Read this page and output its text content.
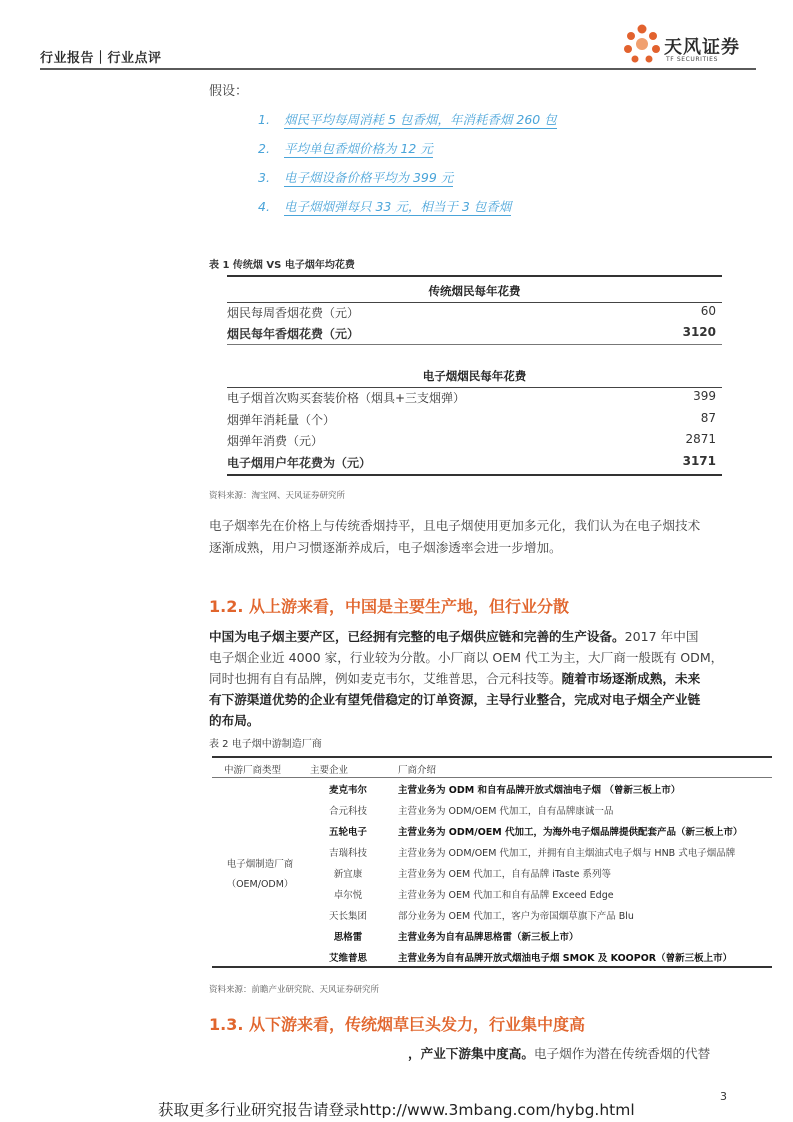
行业报告｜行业点评
天风证券
TF SECURITIES
假设：
1. 烟民平均每周消耗 5 包香烟，年消耗香烟 260 包
2. 平均单包香烟价格为 12 元
3. 电子烟设备价格平均为 399 元
4. 电子烟烟弹每只 33 元，相当于 3 包香烟
表 1 传统烟 VS 电子烟年均花费
传统烟民每年花费
烟民每周香烟花费（元）	60
烟民每年香烟花费（元）	3120
电子烟烟民每年花费
电子烟首次购买套装价格（烟具+三支烟弹）	399
烟弹年消耗量（个）	87
烟弹年消费（元）	2871
电子烟用户年花费为（元）	3171
资料来源：淘宝网、天风证券研究所
电子烟率先在价格上与传统香烟持平，且电子烟使用更加多元化，我们认为在电子烟技术
逐渐成熟，用户习惯逐渐养成后，电子烟渗透率会进一步增加。
1.2. 从上游来看，中国是主要生产地，但行业分散
中国为电子烟主要产区，已经拥有完整的电子烟供应链和完善的生产设备。2017 年中国
电子烟企业近 4000 家，行业较为分散。小厂商以 OEM 代工为主，大厂商一般既有 ODM，
同时也拥有自有品牌，例如麦克韦尔，艾维普思，合元科技等。随着市场逐渐成熟，未来
有下游渠道优势的企业有望凭借稳定的订单资源，主导行业整合，完成对电子烟全产业链
的布局。
表 2 电子烟中游制造厂商
中游厂商类型	主要企业	厂商介绍
电子烟制造厂商
（OEM/ODM）
麦克韦尔	主营业务为 ODM 和自有品牌开放式烟油电子烟 （曾新三板上市）
合元科技	主营业务为 ODM/OEM 代加工，自有品牌康诚一品
五轮电子	主营业务为 ODM/OEM 代加工，为海外电子烟品牌提供配套产品（新三板上市）
吉瑞科技	主营业务为 ODM/OEM 代加工，并拥有自主烟油式电子烟与 HNB 式电子烟品牌
新宜康	主营业务为 OEM 代加工，自有品牌 iTaste 系列等
卓尔悦	主营业务为 OEM 代加工和自有品牌 Exceed Edge
天长集团	部分业务为 OEM 代加工，客户为帝国烟草旗下产品 Blu
思格雷	主营业务为自有品牌思格雷（新三板上市）
艾维普思	主营业务为自有品牌开放式烟油电子烟 SMOK 及 KOOPOR（曾新三板上市）
资料来源：前瞻产业研究院、天风证券研究所
1.3. 从下游来看，传统烟草巨头发力，行业集中度高
，产业下游集中度高。电子烟作为潜在传统香烟的代替
3
获取更多行业研究报告请登录http://www.3mbang.com/hybg.html
